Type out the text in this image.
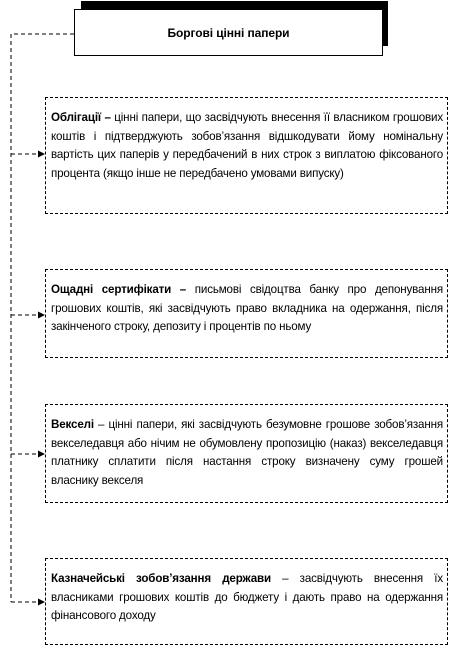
Боргові цінні папери
Облігації – цінні папери, що засвідчують внесення її власником грошових коштів і підтверджують зобов’язання відшкодувати йому номінальну вартість цих паперів у передбачений в них строк з виплатою фіксованого процента (якщо інше не передбачено умовами випуску)
Ощадні сертифікати – письмові свідоцтва банку про депонування грошових коштів, які засвідчують право вкладника на одержання, після закінченого строку, депозиту і процентів по ньому
Векселі – цінні папери, які засвідчують безумовне грошове зобов’язання векселедавця або нічим не обумовлену пропозицію (наказ) векселедавця платнику сплатити після настання строку визначену суму грошей власнику векселя
Казначейські зобов’язання держави – засвідчують внесення їх власниками грошових коштів до бюджету і дають право на одержання фінансового доходу
